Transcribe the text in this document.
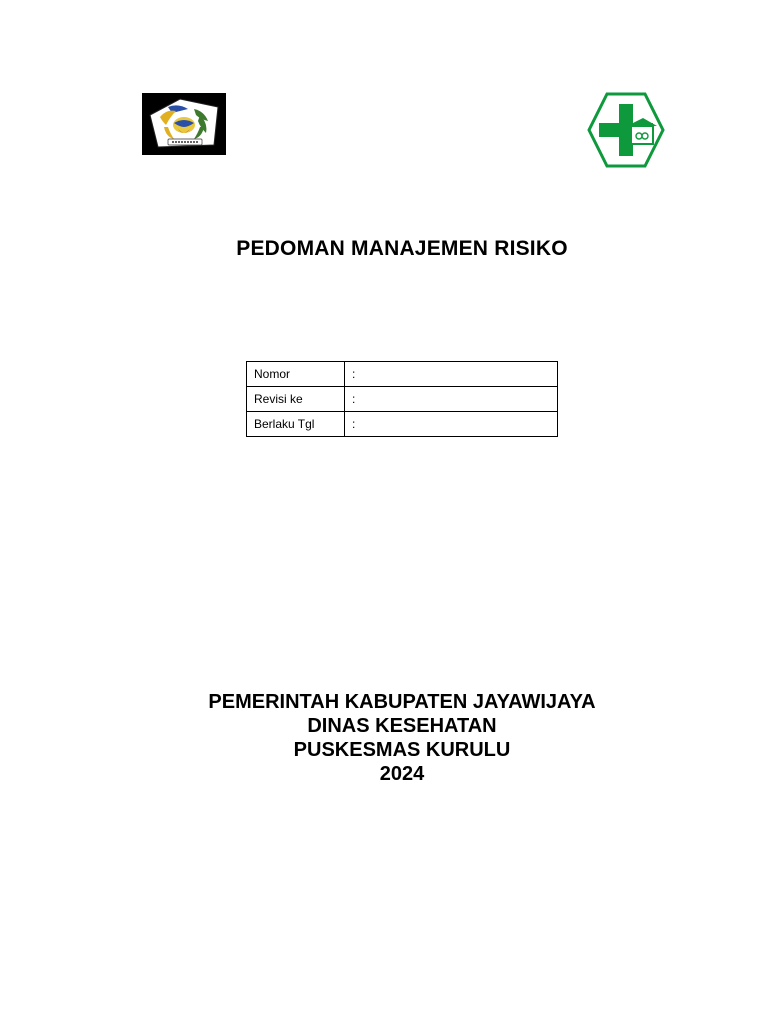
PEDOMAN MANAJEMEN RISIKO
Nomor	:
Revisi ke	:
Berlaku Tgl	:
PEMERINTAH KABUPATEN JAYAWIJAYA
DINAS KESEHATAN
PUSKESMAS KURULU
2024
